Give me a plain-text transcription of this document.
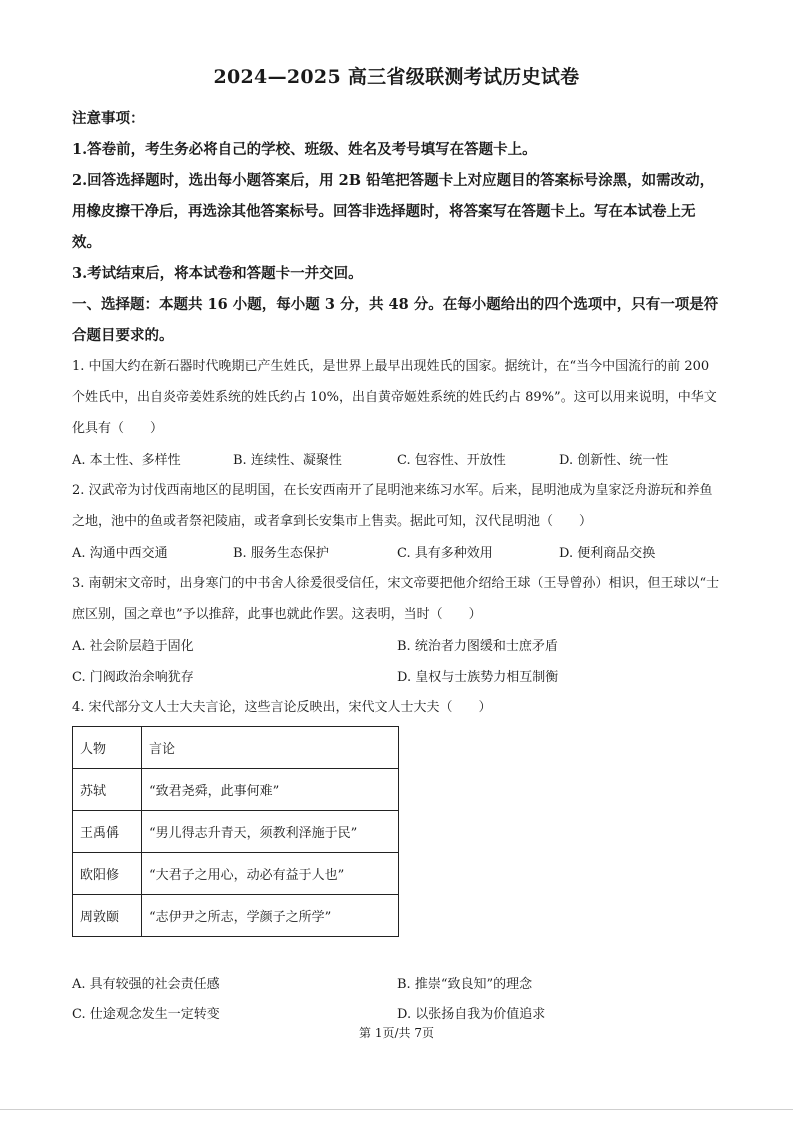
2024—2025 高三省级联测考试历史试卷
注意事项：
1.答卷前，考生务必将自己的学校、班级、姓名及考号填写在答题卡上。
2.回答选择题时，选出每小题答案后，用 2B 铅笔把答题卡上对应题目的答案标号涂黑，如需改动，用橡皮擦干净后，再选涂其他答案标号。回答非选择题时，将答案写在答题卡上。写在本试卷上无效。
3.考试结束后，将本试卷和答题卡一并交回。
一、选择题：本题共 16 小题，每小题 3 分，共 48 分。在每小题给出的四个选项中，只有一项是符合题目要求的。
1. 中国大约在新石器时代晚期已产生姓氏，是世界上最早出现姓氏的国家。据统计，在“当今中国流行的前 200 个姓氏中，出自炎帝姜姓系统的姓氏约占 10%，出自黄帝姬姓系统的姓氏约占 89%”。这可以用来说明，中华文化具有（　　）
A. 本土性、多样性	B. 连续性、凝聚性	C. 包容性、开放性	D. 创新性、统一性
2. 汉武帝为讨伐西南地区的昆明国，在长安西南开了昆明池来练习水军。后来，昆明池成为皇家泛舟游玩和养鱼之地，池中的鱼或者祭祀陵庙，或者拿到长安集市上售卖。据此可知，汉代昆明池（　　）
A. 沟通中西交通	B. 服务生态保护	C. 具有多种效用	D. 便利商品交换
3. 南朝宋文帝时，出身寒门的中书舍人徐爰很受信任，宋文帝要把他介绍给王球（王导曾孙）相识，但王球以“士庶区别，国之章也”予以推辞，此事也就此作罢。这表明，当时（　　）
A. 社会阶层趋于固化	B. 统治者力图缓和士庶矛盾
C. 门阀政治余响犹存	D. 皇权与士族势力相互制衡
4. 宋代部分文人士大夫言论，这些言论反映出，宋代文人士大夫（　　）
人物	言论
苏轼	“致君尧舜，此事何难”
王禹偁	“男儿得志升青天，须教利泽施于民”
欧阳修	“大君子之用心，动必有益于人也”
周敦颐	“志伊尹之所志，学颜子之所学”
A. 具有较强的社会责任感	B. 推崇“致良知”的理念
C. 仕途观念发生一定转变	D. 以张扬自我为价值追求
第 1页/共 7页
